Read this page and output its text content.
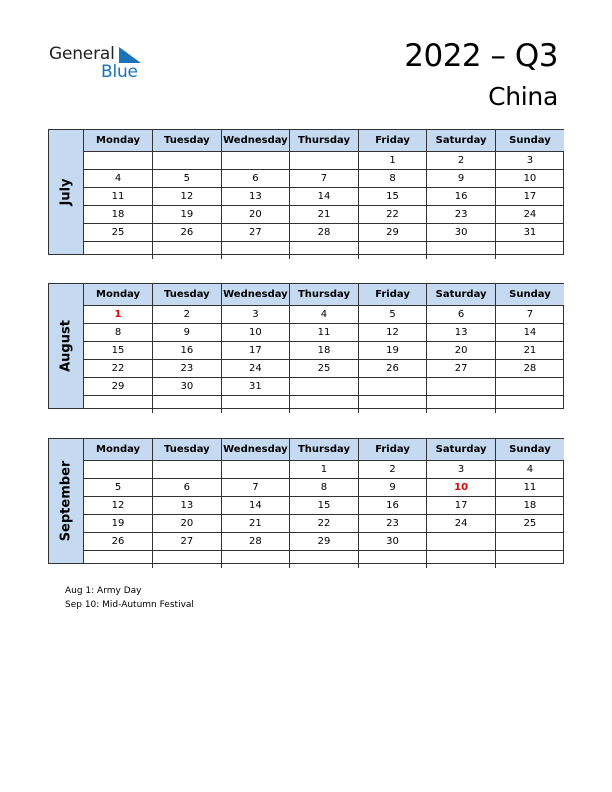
General
Blue	2022 – Q3
China
July
Monday	Tuesday	Wednesday	Thursday	Friday	Saturday	Sunday
				1	2	3
4	5	6	7	8	9	10
11	12	13	14	15	16	17
18	19	20	21	22	23	24
25	26	27	28	29	30	31

August
Monday	Tuesday	Wednesday	Thursday	Friday	Saturday	Sunday
1	2	3	4	5	6	7
8	9	10	11	12	13	14
15	16	17	18	19	20	21
22	23	24	25	26	27	28
29	30	31				

September
Monday	Tuesday	Wednesday	Thursday	Friday	Saturday	Sunday
			1	2	3	4
5	6	7	8	9	10	11
12	13	14	15	16	17	18
19	20	21	22	23	24	25
26	27	28	29	30		

Aug 1: Army Day
Sep 10: Mid-Autumn Festival
